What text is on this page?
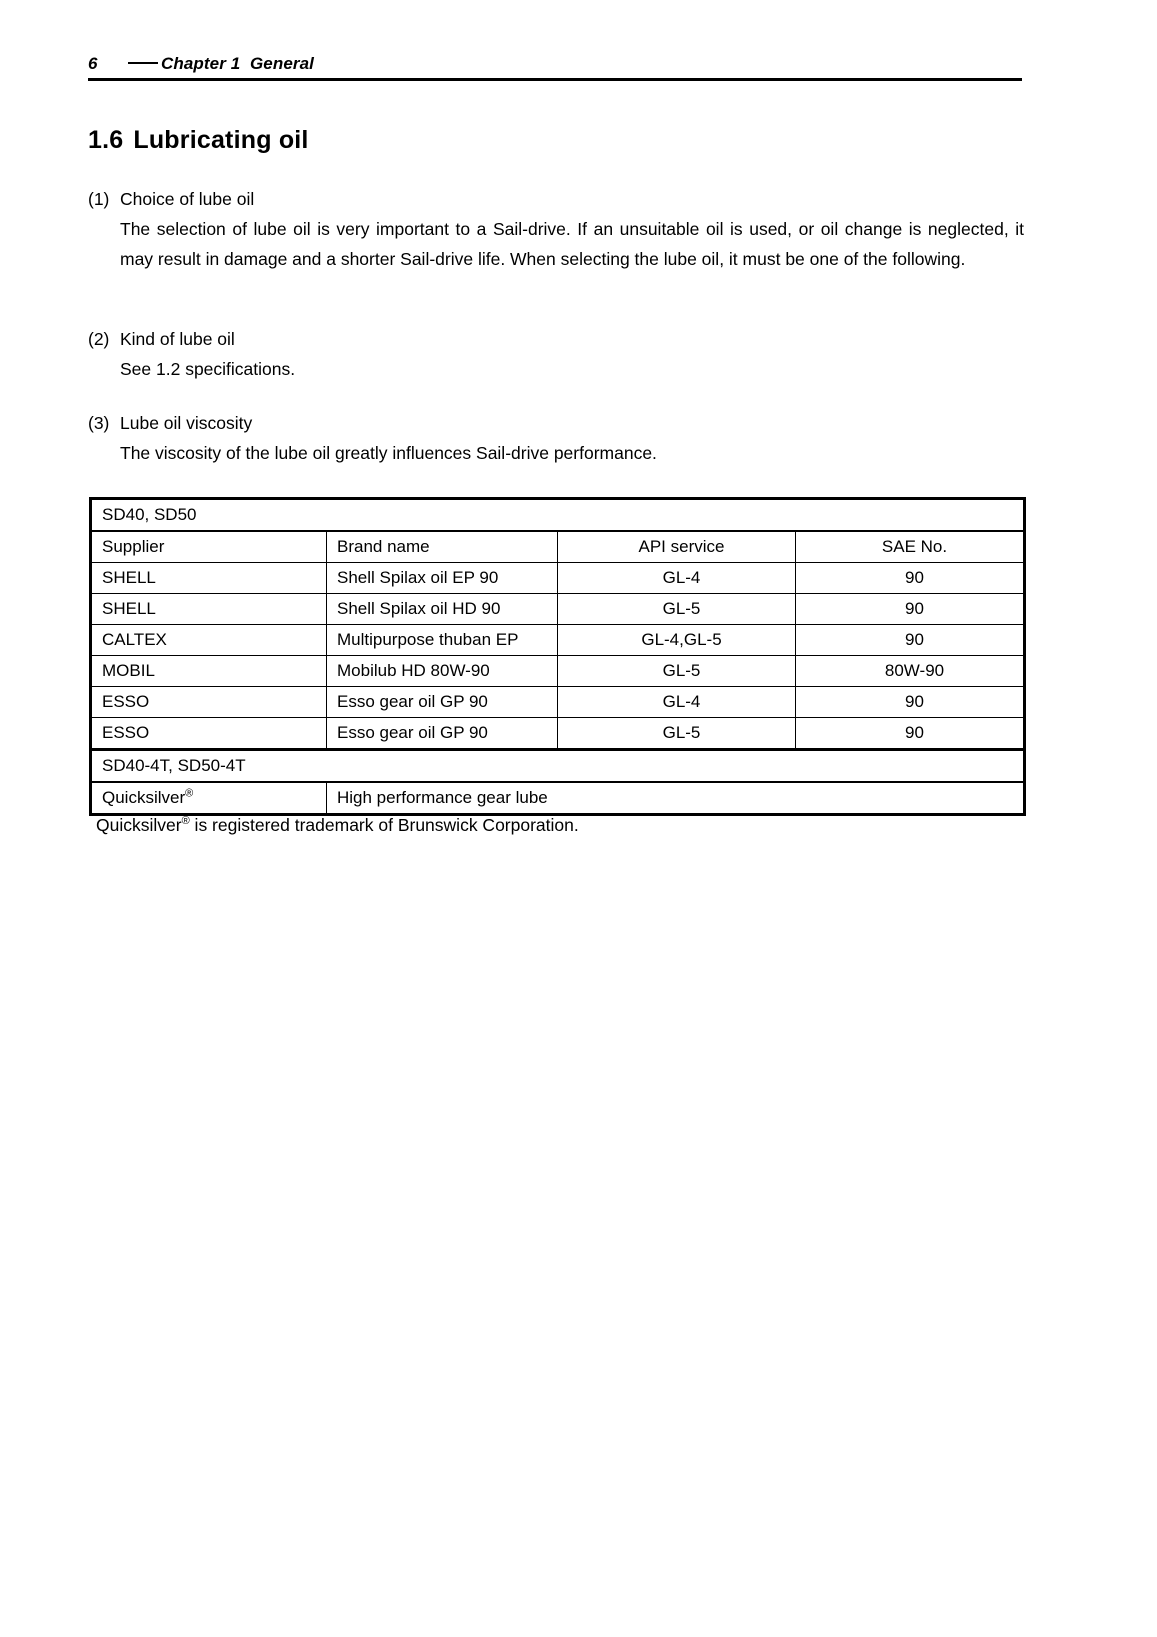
6	Chapter 1  General
1.6 Lubricating oil
(1) Choice of lube oil
The selection of lube oil is very important to a Sail-drive. If an unsuitable oil is used, or oil change is neglected, it may result in damage and a shorter Sail-drive life. When selecting the lube oil, it must be one of the following.
(2) Kind of lube oil
See 1.2 specifications.
(3) Lube oil viscosity
The viscosity of the lube oil greatly influences Sail-drive performance.
SD40, SD50			
Supplier	Brand name	API service	SAE No.
SHELL	Shell Spilax oil EP 90	GL-4	90
SHELL	Shell Spilax oil HD 90	GL-5	90
CALTEX	Multipurpose thuban EP	GL-4,GL-5	90
MOBIL	Mobilub HD 80W-90	GL-5	80W-90
ESSO	Esso gear oil GP 90	GL-4	90
ESSO	Esso gear oil GP 90	GL-5	90
SD40-4T, SD50-4T			
Quicksilver®	High performance gear lube		
Quicksilver® is registered trademark of Brunswick Corporation.
